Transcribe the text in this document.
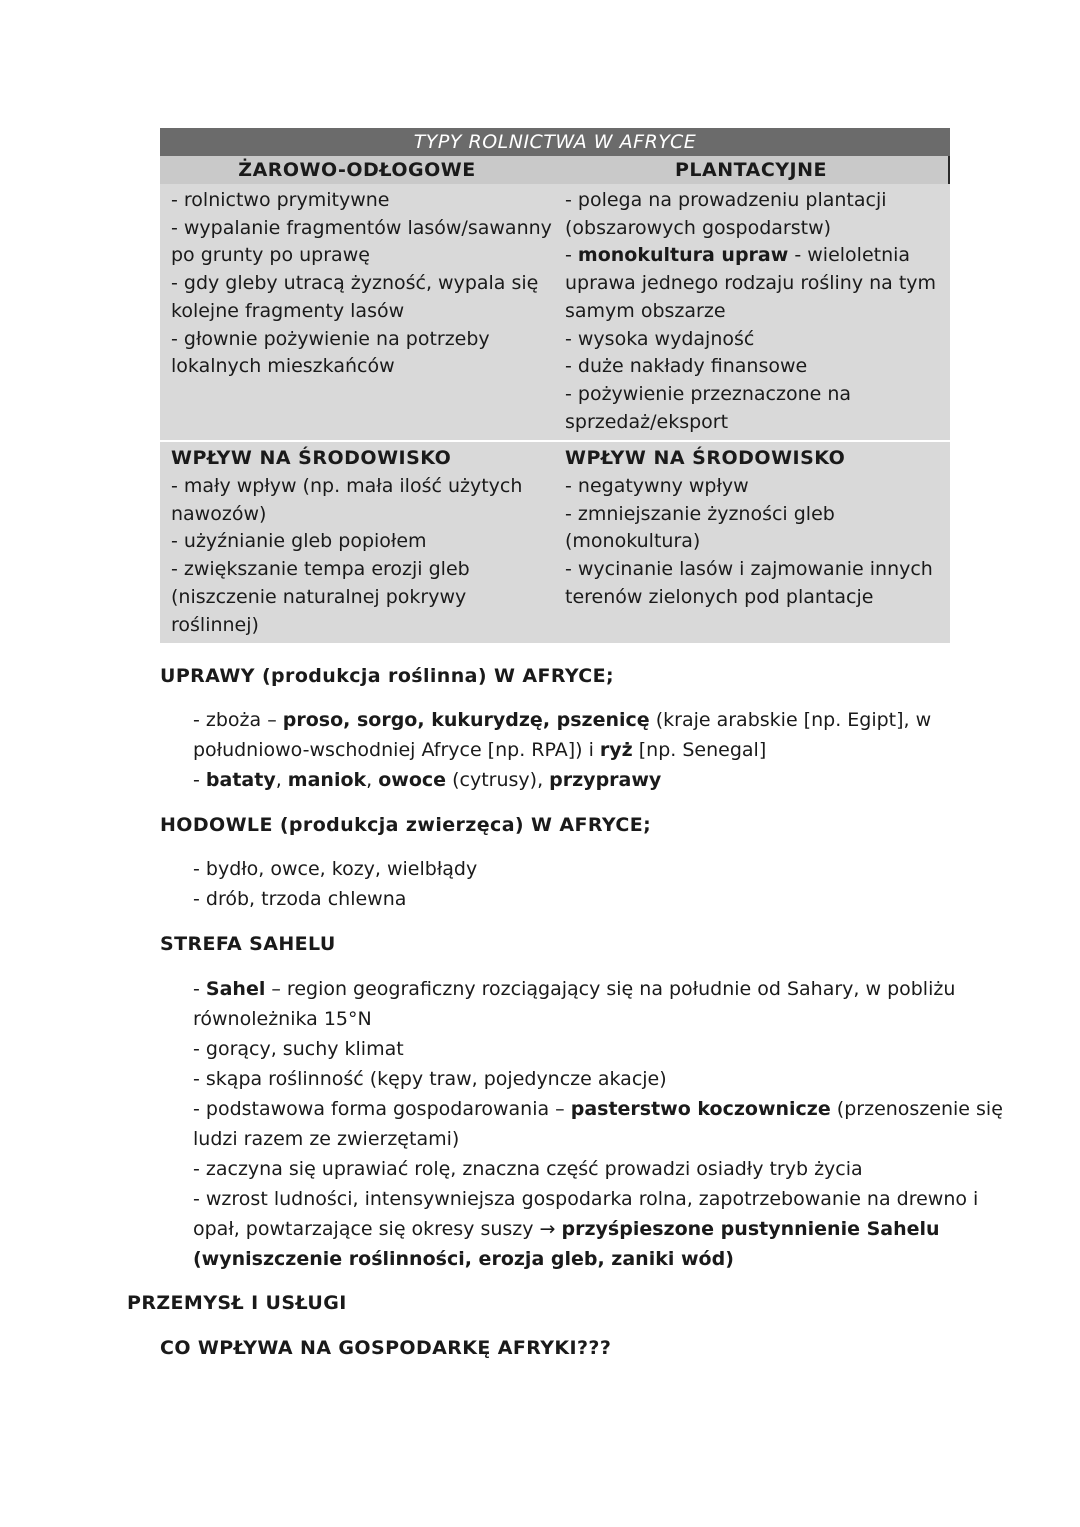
TYPY ROLNICTWA W AFRYCE
ŻAROWO-ODŁOGOWE	PLANTACYJNE
- rolnictwo prymitywne
- wypalanie fragmentów lasów/sawanny
po grunty po uprawę
- gdy gleby utracą żyzność, wypala się
kolejne fragmenty lasów
- głownie pożywienie na potrzeby
lokalnych mieszkańców
- polega na prowadzeniu plantacji
(obszarowych gospodarstw)
- monokultura upraw - wieloletnia
uprawa jednego rodzaju rośliny na tym
samym obszarze
- wysoka wydajność
- duże nakłady finansowe
- pożywienie przeznaczone na
sprzedaż/eksport
WPŁYW NA ŚRODOWISKO
- mały wpływ (np. mała ilość użytych
nawozów)
- użyźnianie gleb popiołem
- zwiększanie tempa erozji gleb
(niszczenie naturalnej pokrywy
roślinnej)
WPŁYW NA ŚRODOWISKO
- negatywny wpływ
- zmniejszanie żyzności gleb
(monokultura)
- wycinanie lasów i zajmowanie innych
terenów zielonych pod plantacje
UPRAWY (produkcja roślinna) W AFRYCE;
- zboża – proso, sorgo, kukurydzę, pszenicę (kraje arabskie [np. Egipt], w
południowo-wschodniej Afryce [np. RPA]) i ryż [np. Senegal]
- bataty, maniok, owoce (cytrusy), przyprawy
HODOWLE (produkcja zwierzęca) W AFRYCE;
- bydło, owce, kozy, wielbłądy
- drób, trzoda chlewna
STREFA SAHELU
- Sahel – region geograficzny rozciągający się na południe od Sahary, w pobliżu
równoleżnika 15°N
- gorący, suchy klimat
- skąpa roślinność (kępy traw, pojedyncze akacje)
- podstawowa forma gospodarowania – pasterstwo koczownicze (przenoszenie się
ludzi razem ze zwierzętami)
- zaczyna się uprawiać rolę, znaczna część prowadzi osiadły tryb życia
- wzrost ludności, intensywniejsza gospodarka rolna, zapotrzebowanie na drewno i
opał, powtarzające się okresy suszy → przyśpieszone pustynnienie Sahelu
(wyniszczenie roślinności, erozja gleb, zaniki wód)
PRZEMYSŁ I USŁUGI
CO WPŁYWA NA GOSPODARKĘ AFRYKI???
